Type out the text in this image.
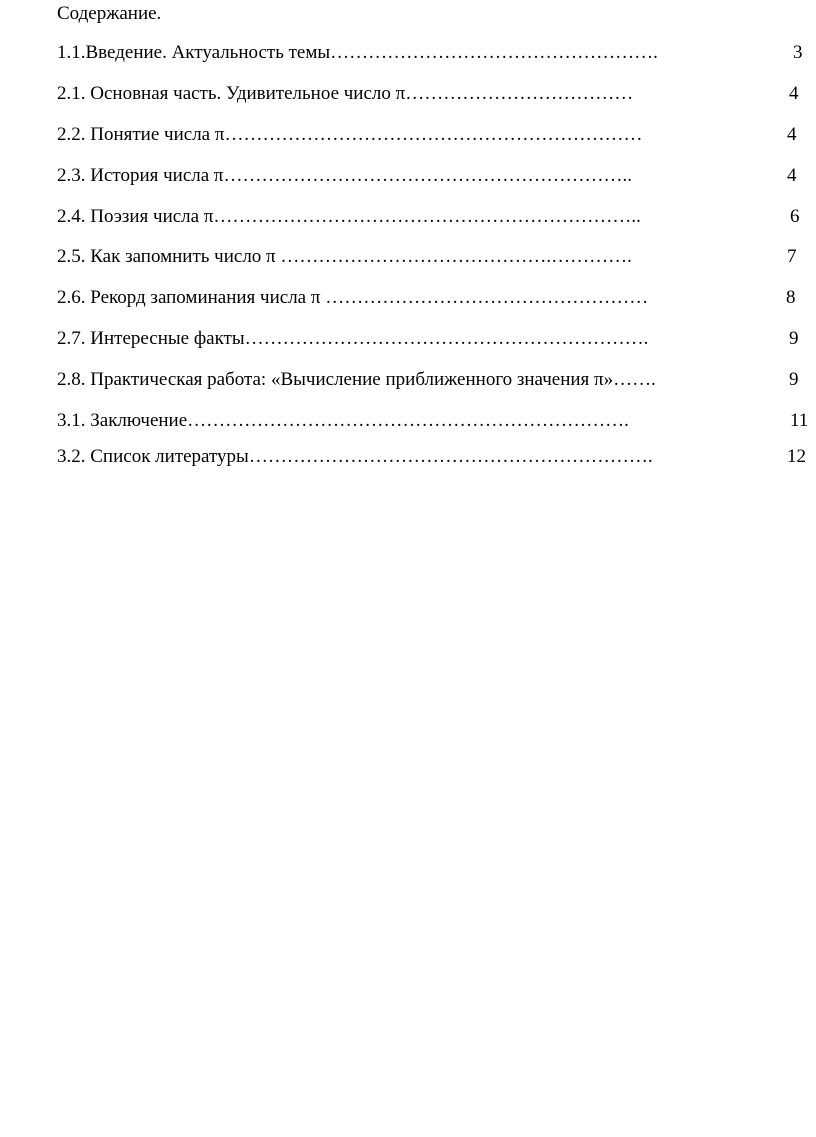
Содержание.
1.1.Введение. Актуальность темы…………………………………………….	3
2.1. Основная часть. Удивительное число π………………………………	4
2.2. Понятие числа π…………………………………………………………	4
2.3. История числа π………………………………………………………..	4
2.4. Поэзия числа π…………………………………………………………..	6
2.5. Как запомнить число π …………………………………….………….	7
2.6. Рекорд запоминания числа π ……………………………………………	8
2.7. Интересные факты……………………………………………………….	9
2.8. Практическая работа: «Вычисление приближенного значения π»…….	9
3.1. Заключение…………………………………………………………….	11
3.2. Список литературы……………………………………………………….	12
